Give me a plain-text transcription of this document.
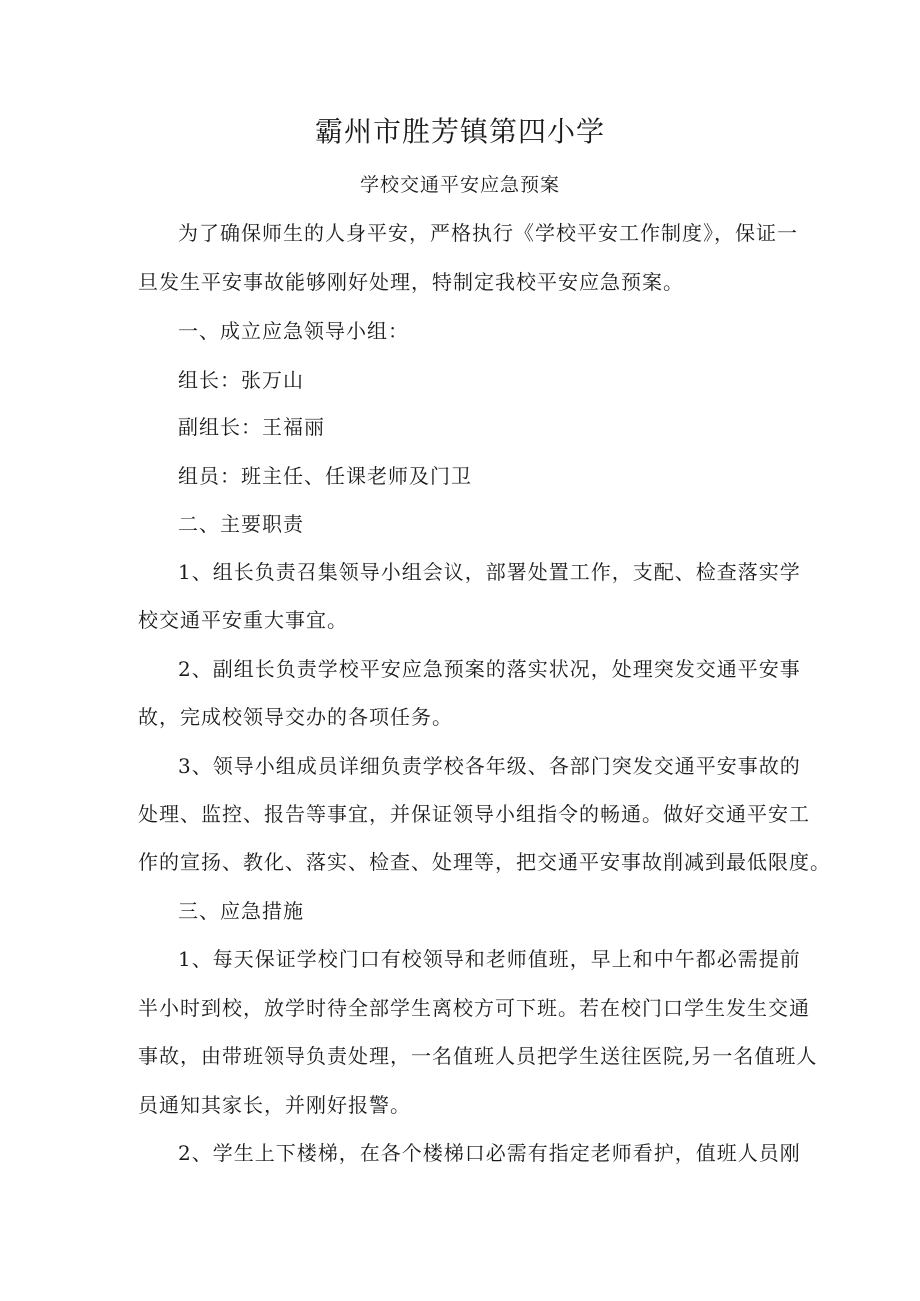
霸州市胜芳镇第四小学
学校交通平安应急预案
为了确保师生的人身平安，严格执行《学校平安工作制度》，保证一
旦发生平安事故能够刚好处理，特制定我校平安应急预案。
一、成立应急领导小组：
组长：张万山
副组长：王福丽
组员：班主任、任课老师及门卫
二、主要职责
1、组长负责召集领导小组会议，部署处置工作，支配、检查落实学
校交通平安重大事宜。
2、副组长负责学校平安应急预案的落实状况，处理突发交通平安事
故，完成校领导交办的各项任务。
3、领导小组成员详细负责学校各年级、各部门突发交通平安事故的
处理、监控、报告等事宜，并保证领导小组指令的畅通。做好交通平安工
作的宣扬、教化、落实、检查、处理等，把交通平安事故削减到最低限度。
三、应急措施
1、每天保证学校门口有校领导和老师值班，早上和中午都必需提前
半小时到校，放学时待全部学生离校方可下班。若在校门口学生发生交通
事故，由带班领导负责处理，一名值班人员把学生送往医院,另一名值班人
员通知其家长，并刚好报警。
2、学生上下楼梯，在各个楼梯口必需有指定老师看护，值班人员刚
